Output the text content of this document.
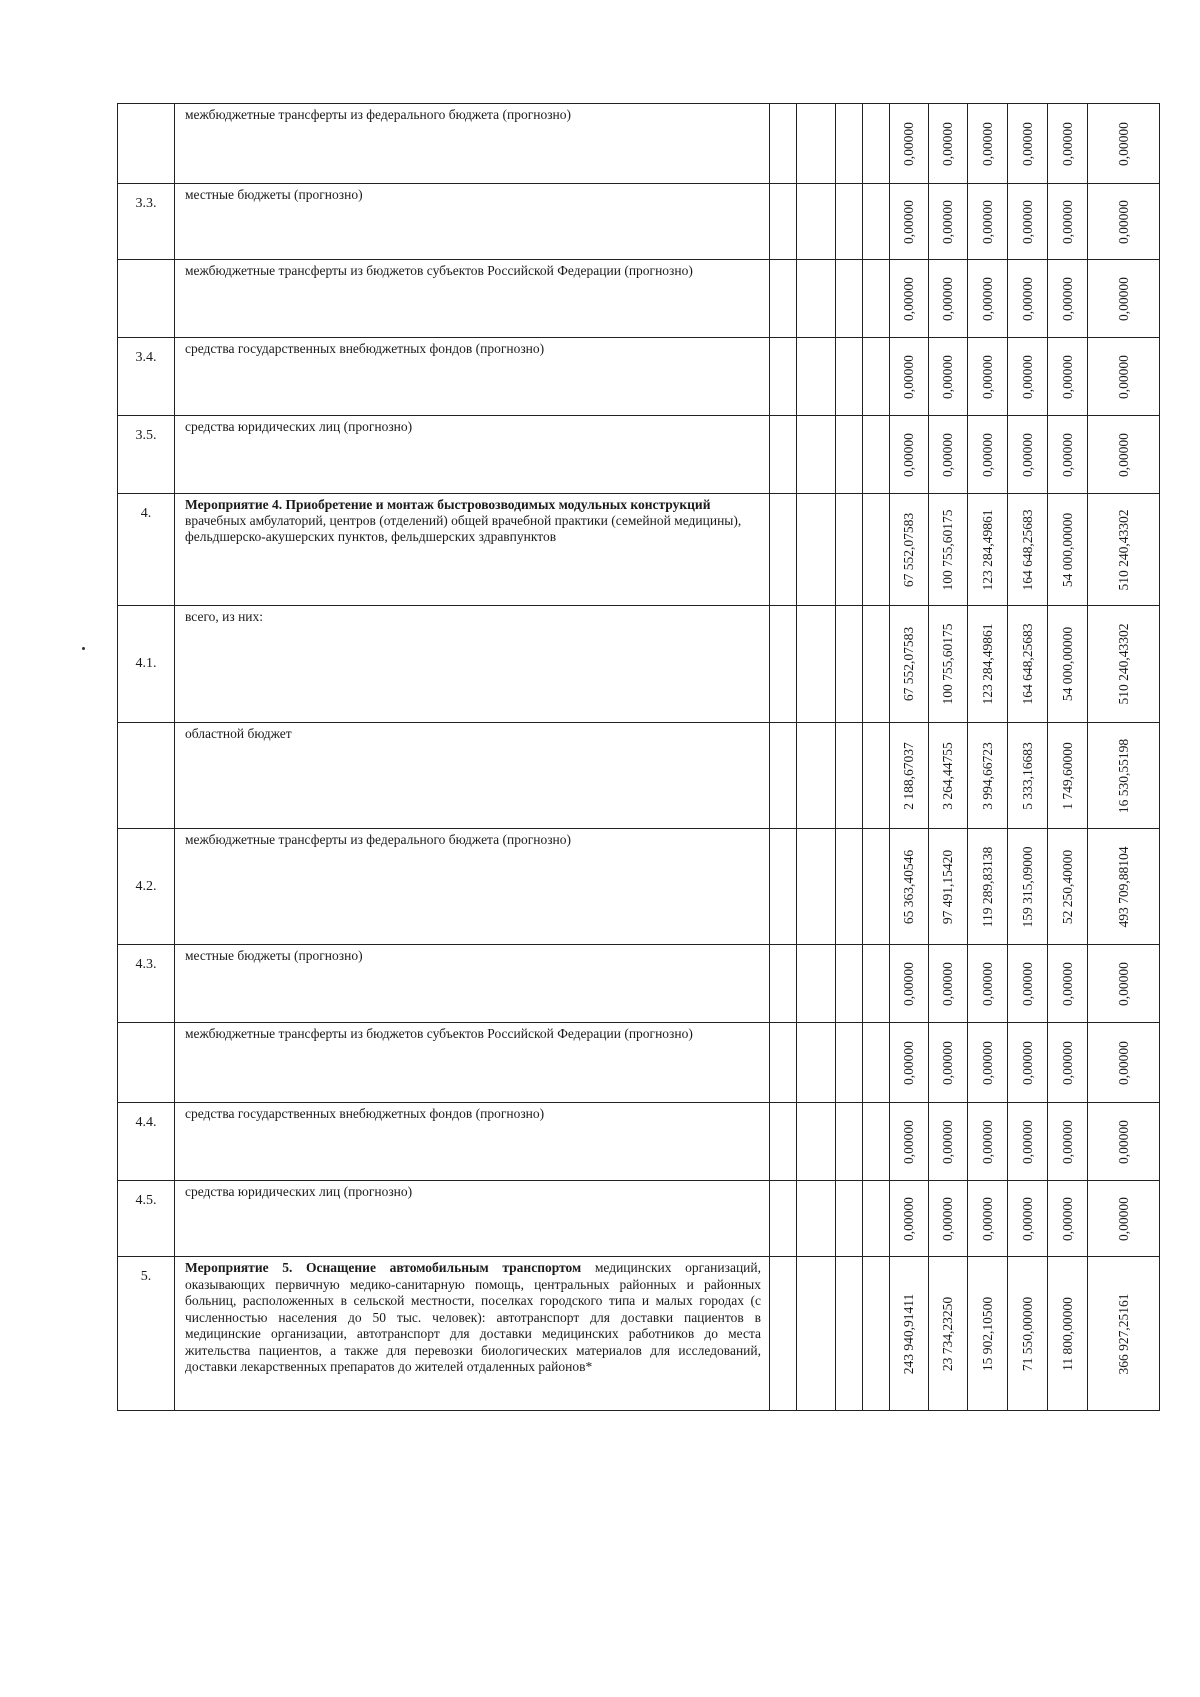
	межбюджетные трансферты из федерального бюджета (прогнозно)					0,00000	0,00000	0,00000	0,00000	0,00000	0,00000

3.3.	местные бюджеты (прогнозно)					0,00000	0,00000	0,00000	0,00000	0,00000	0,00000

	межбюджетные трансферты из бюджетов субъектов Российской Федерации (прогнозно)					0,00000	0,00000	0,00000	0,00000	0,00000	0,00000

3.4.	средства государственных внебюджетных фондов (прогнозно)					0,00000	0,00000	0,00000	0,00000	0,00000	0,00000

3.5.	средства юридических лиц (прогнозно)					0,00000	0,00000	0,00000	0,00000	0,00000	0,00000

4.	Мероприятие 4. Приобретение и монтаж быстровозводимых модульных конструкций врачебных амбулаторий, центров (отделений) общей врачебной практики (семейной медицины), фельдшерско-акушерских пунктов, фельдшерских здравпунктов					67 552,07583	100 755,60175	123 284,49861	164 648,25683	54 000,00000	510 240,43302

4.1.	всего, из них:					67 552,07583	100 755,60175	123 284,49861	164 648,25683	54 000,00000	510 240,43302

	областной бюджет					2 188,67037	3 264,44755	3 994,66723	5 333,16683	1 749,60000	16 530,55198

4.2.	межбюджетные трансферты из федерального бюджета (прогнозно)					65 363,40546	97 491,15420	119 289,83138	159 315,09000	52 250,40000	493 709,88104

4.3.	местные бюджеты (прогнозно)					0,00000	0,00000	0,00000	0,00000	0,00000	0,00000

	межбюджетные трансферты из бюджетов субъектов Российской Федерации (прогнозно)					0,00000	0,00000	0,00000	0,00000	0,00000	0,00000

4.4.	средства государственных внебюджетных фондов (прогнозно)					0,00000	0,00000	0,00000	0,00000	0,00000	0,00000

4.5.	средства юридических лиц (прогнозно)					0,00000	0,00000	0,00000	0,00000	0,00000	0,00000

5.	Мероприятие 5. Оснащение автомобильным транспортом медицинских организаций, оказывающих первичную медико-санитарную помощь, центральных районных и районных больниц, расположенных в сельской местности, поселках городского типа и малых городах (с численностью населения до 50 тыс. человек): автотранспорт для доставки пациентов в медицинские организации, автотранспорт для доставки медицинских работников до места жительства пациентов, а также для перевозки биологических материалов для исследований, доставки лекарственных препаратов до жителей отдаленных районов*					243 940,91411	23 734,23250	15 902,10500	71 550,00000	11 800,00000	366 927,25161
